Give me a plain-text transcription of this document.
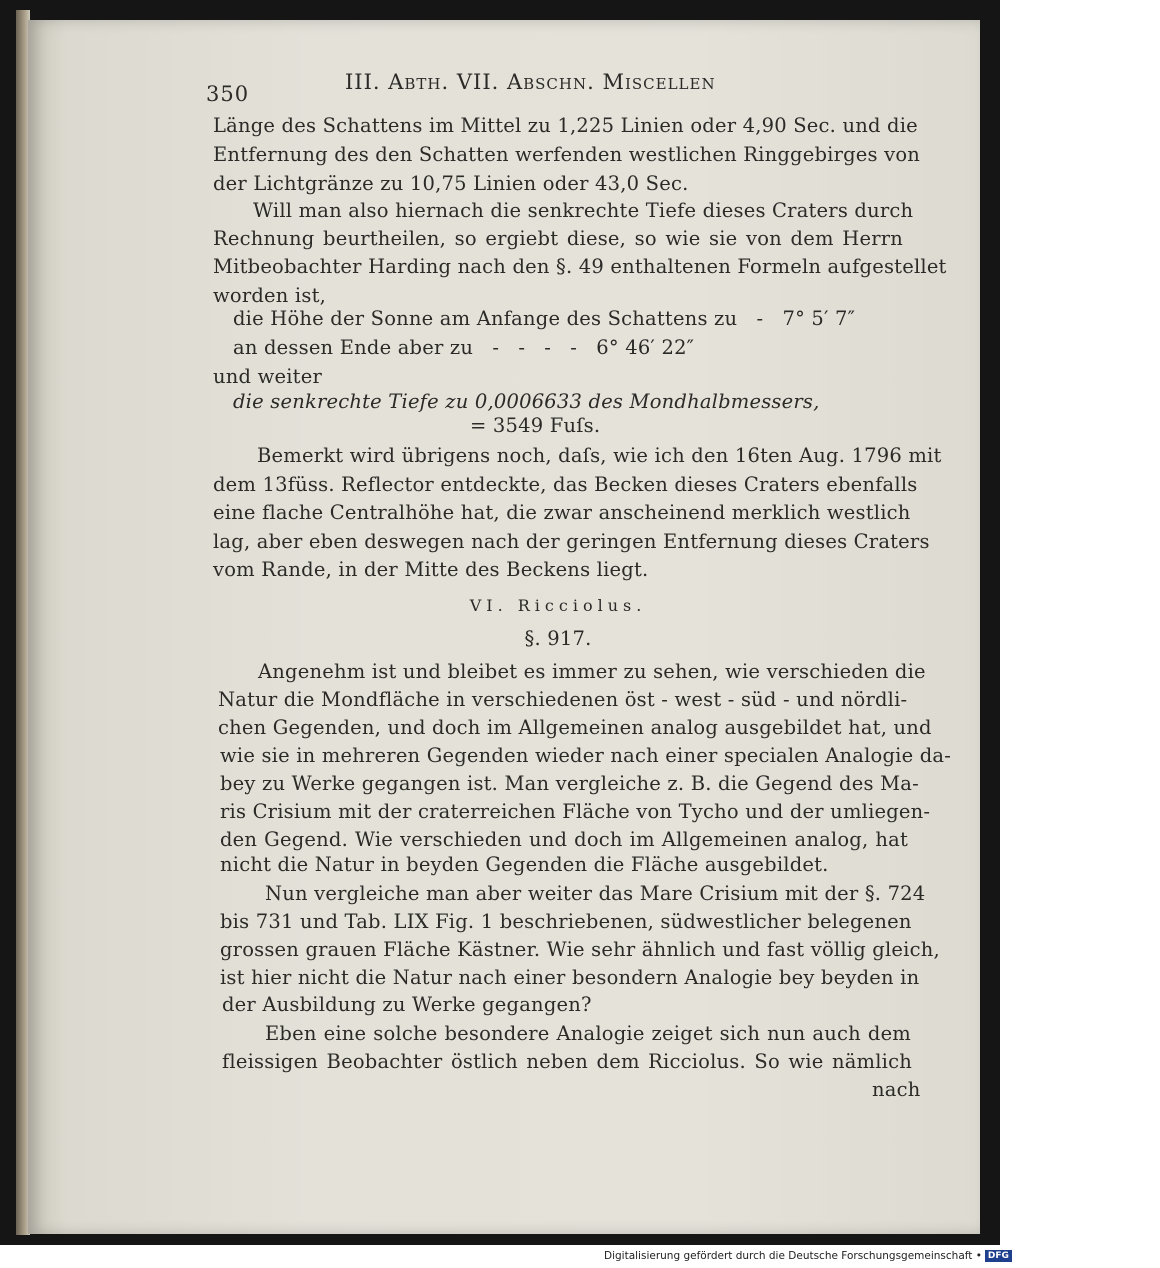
350	III. Abth. VII. Abschn. Miscellen
Länge des Schattens im Mittel zu 1,225 Linien oder 4,90 Sec. und die
Entfernung des den Schatten werfenden westlichen Ringgebirges von
der Lichtgränze zu 10,75 Linien oder 43,0 Sec.
Will man also hiernach die senkrechte Tiefe dieses Craters durch
Rechnung beurtheilen, so ergiebt diese, so wie sie von dem Herrn
Mitbeobachter Harding nach den §. 49 enthaltenen Formeln aufgestellet
worden ist,
die Höhe der Sonne am Anfange des Schattens zu   -   7° 5′ 7″
an dessen Ende aber zu   -   -   -   -   6° 46′ 22″
und weiter
die senkrechte Tiefe zu 0,0006633 des Mondhalbmessers,
= 3549 Fuſs.
Bemerkt wird übrigens noch, daſs, wie ich den 16ten Aug. 1796 mit
dem 13füss. Reflector entdeckte, das Becken dieses Craters ebenfalls
eine flache Centralhöhe hat, die zwar anscheinend merklich westlich
lag, aber eben deswegen nach der geringen Entfernung dieses Craters
vom Rande, in der Mitte des Beckens liegt.
VI. Ricciolus.
§. 917.
Angenehm ist und bleibet es immer zu sehen, wie verschieden die
Natur die Mondfläche in verschiedenen öst - west - süd - und nördli-
chen Gegenden, und doch im Allgemeinen analog ausgebildet hat, und
wie sie in mehreren Gegenden wieder nach einer specialen Analogie da-
bey zu Werke gegangen ist. Man vergleiche z. B. die Gegend des Ma-
ris Crisium mit der craterreichen Fläche von Tycho und der umliegen-
den Gegend. Wie verschieden und doch im Allgemeinen analog, hat
nicht die Natur in beyden Gegenden die Fläche ausgebildet.
Nun vergleiche man aber weiter das Mare Crisium mit der §. 724
bis 731 und Tab. LIX Fig. 1 beschriebenen, südwestlicher belegenen
grossen grauen Fläche Kästner. Wie sehr ähnlich und fast völlig gleich,
ist hier nicht die Natur nach einer besondern Analogie bey beyden in
der Ausbildung zu Werke gegangen?
Eben eine solche besondere Analogie zeiget sich nun auch dem
fleissigen Beobachter östlich neben dem Ricciolus. So wie nämlich
nach
Digitalisierung gefördert durch die Deutsche Forschungsgemeinschaft • DFG
